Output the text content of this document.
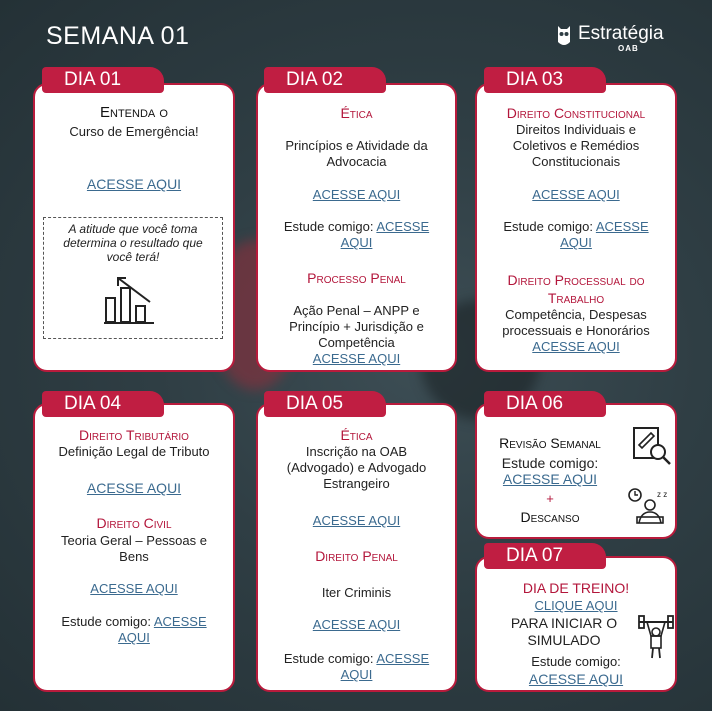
SEMANA 01	Estratégia
OAB
Entenda o
Curso de Emergência!
ACESSE AQUI
A atitude que você toma
determina o resultado que
você terá!
DIA 01
Ética
Princípios e Atividade da
Advocacia
ACESSE AQUI
Estude comigo: ACESSE
AQUI
Processo Penal
Ação Penal – ANPP e
Princípio + Jurisdição e
Competência
ACESSE AQUI
DIA 02
Direito Constitucional
Direitos Individuais e
Coletivos e Remédios
Constitucionais
ACESSE AQUI
Estude comigo: ACESSE
AQUI
Direito Processual do
Trabalho
Competência, Despesas
processuais e Honorários
ACESSE AQUI
DIA 03
Direito Tributário
Definição Legal de Tributo
ACESSE AQUI
Direito Civil
Teoria Geral – Pessoas e
Bens
ACESSE AQUI
Estude comigo: ACESSE
AQUI
DIA 04
Ética
Inscrição na OAB
(Advogado) e Advogado
Estrangeiro
ACESSE AQUI
Direito Penal
Iter Criminis
ACESSE AQUI
Estude comigo: ACESSE
AQUI
DIA 05
Revisão Semanal
Estude comigo:
ACESSE AQUI
+
Descanso
z z
DIA 06
DIA DE TREINO!
CLIQUE AQUI
PARA INICIAR O
SIMULADO
Estude comigo:
ACESSE AQUI
DIA 07
